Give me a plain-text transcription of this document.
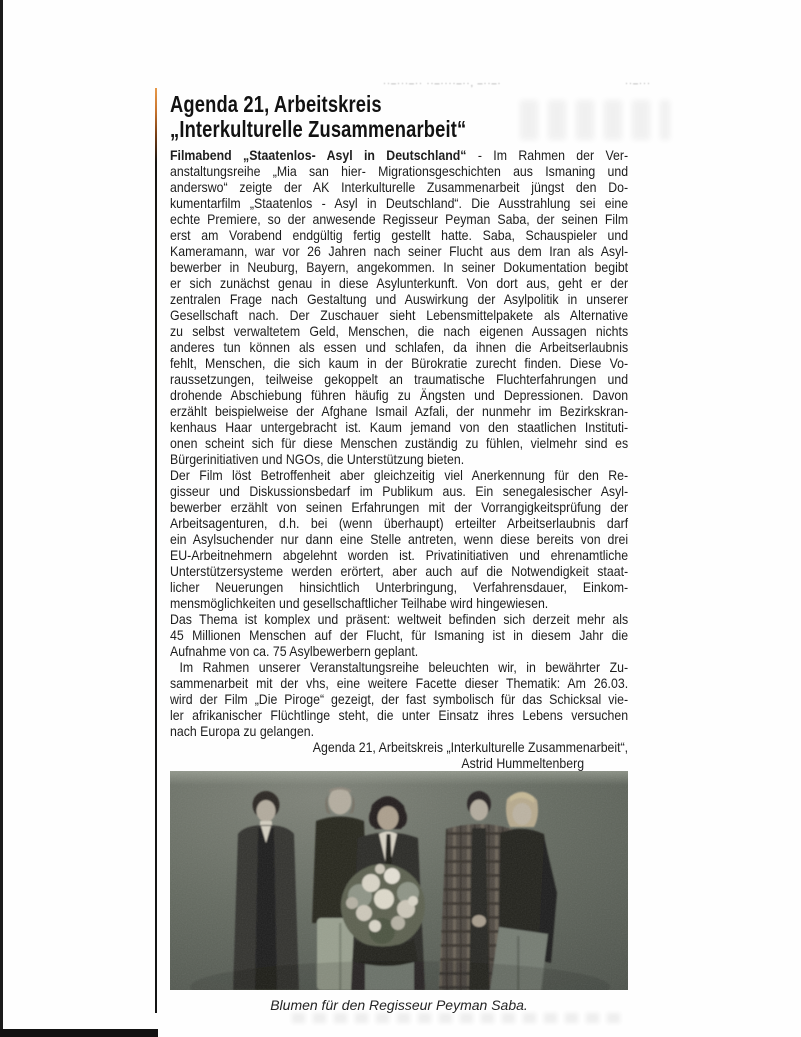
··–···–·· ··–····–··, –··–·	··–···
Agenda 21, Arbeitskreis
„Interkulturelle Zusammenarbeit“
Filmabend „Staatenlos- Asyl in Deutschland“ - Im Rahmen der Ver-
anstaltungsreihe „Mia san hier- Migrationsgeschichten aus Ismaning und
anderswo“ zeigte der AK Interkulturelle Zusammenarbeit jüngst den Do-
kumentarfilm „Staatenlos - Asyl in Deutschland“. Die Ausstrahlung sei eine
echte Premiere, so der anwesende Regisseur Peyman Saba, der seinen Film
erst am Vorabend endgültig fertig gestellt hatte. Saba, Schauspieler und
Kameramann, war vor 26 Jahren nach seiner Flucht aus dem Iran als Asyl-
bewerber in Neuburg, Bayern, angekommen. In seiner Dokumentation begibt
er sich zunächst genau in diese Asylunterkunft. Von dort aus, geht er der
zentralen Frage nach Gestaltung und Auswirkung der Asylpolitik in unserer
Gesellschaft nach. Der Zuschauer sieht Lebensmittelpakete als Alternative
zu selbst verwaltetem Geld, Menschen, die nach eigenen Aussagen nichts
anderes tun können als essen und schlafen, da ihnen die Arbeitserlaubnis
fehlt, Menschen, die sich kaum in der Bürokratie zurecht finden. Diese Vo-
raussetzungen, teilweise gekoppelt an traumatische Fluchterfahrungen und
drohende Abschiebung führen häufig zu Ängsten und Depressionen. Davon
erzählt beispielweise der Afghane Ismail Azfali, der nunmehr im Bezirkskran-
kenhaus Haar untergebracht ist. Kaum jemand von den staatlichen Instituti-
onen scheint sich für diese Menschen zuständig zu fühlen, vielmehr sind es
Bürgerinitiativen und NGOs, die Unterstützung bieten.
Der Film löst Betroffenheit aber gleichzeitig viel Anerkennung für den Re-
gisseur und Diskussionsbedarf im Publikum aus. Ein senegalesischer Asyl-
bewerber erzählt von seinen Erfahrungen mit der Vorrangigkeitsprüfung der
Arbeitsagenturen, d.h. bei (wenn überhaupt) erteilter Arbeitserlaubnis darf
ein Asylsuchender nur dann eine Stelle antreten, wenn diese bereits von drei
EU-Arbeitnehmern abgelehnt worden ist. Privatinitiativen und ehrenamtliche
Unterstützersysteme werden erörtert, aber auch auf die Notwendigkeit staat-
licher Neuerungen hinsichtlich Unterbringung, Verfahrensdauer, Einkom-
mensmöglichkeiten und gesellschaftlicher Teilhabe wird hingewiesen.
Das Thema ist komplex und präsent: weltweit befinden sich derzeit mehr als
45 Millionen Menschen auf der Flucht, für Ismaning ist in diesem Jahr die
Aufnahme von ca. 75 Asylbewerbern geplant.
Im Rahmen unserer Veranstaltungsreihe beleuchten wir, in bewährter Zu-
sammenarbeit mit der vhs, eine weitere Facette dieser Thematik: Am 26.03.
wird der Film „Die Piroge“ gezeigt, der fast symbolisch für das Schicksal vie-
ler afrikanischer Flüchtlinge steht, die unter Einsatz ihres Lebens versuchen
nach Europa zu gelangen.
Agenda 21, Arbeitskreis „Interkulturelle Zusammenarbeit“,
Astrid Hummeltenberg
Blumen für den Regisseur Peyman Saba.
